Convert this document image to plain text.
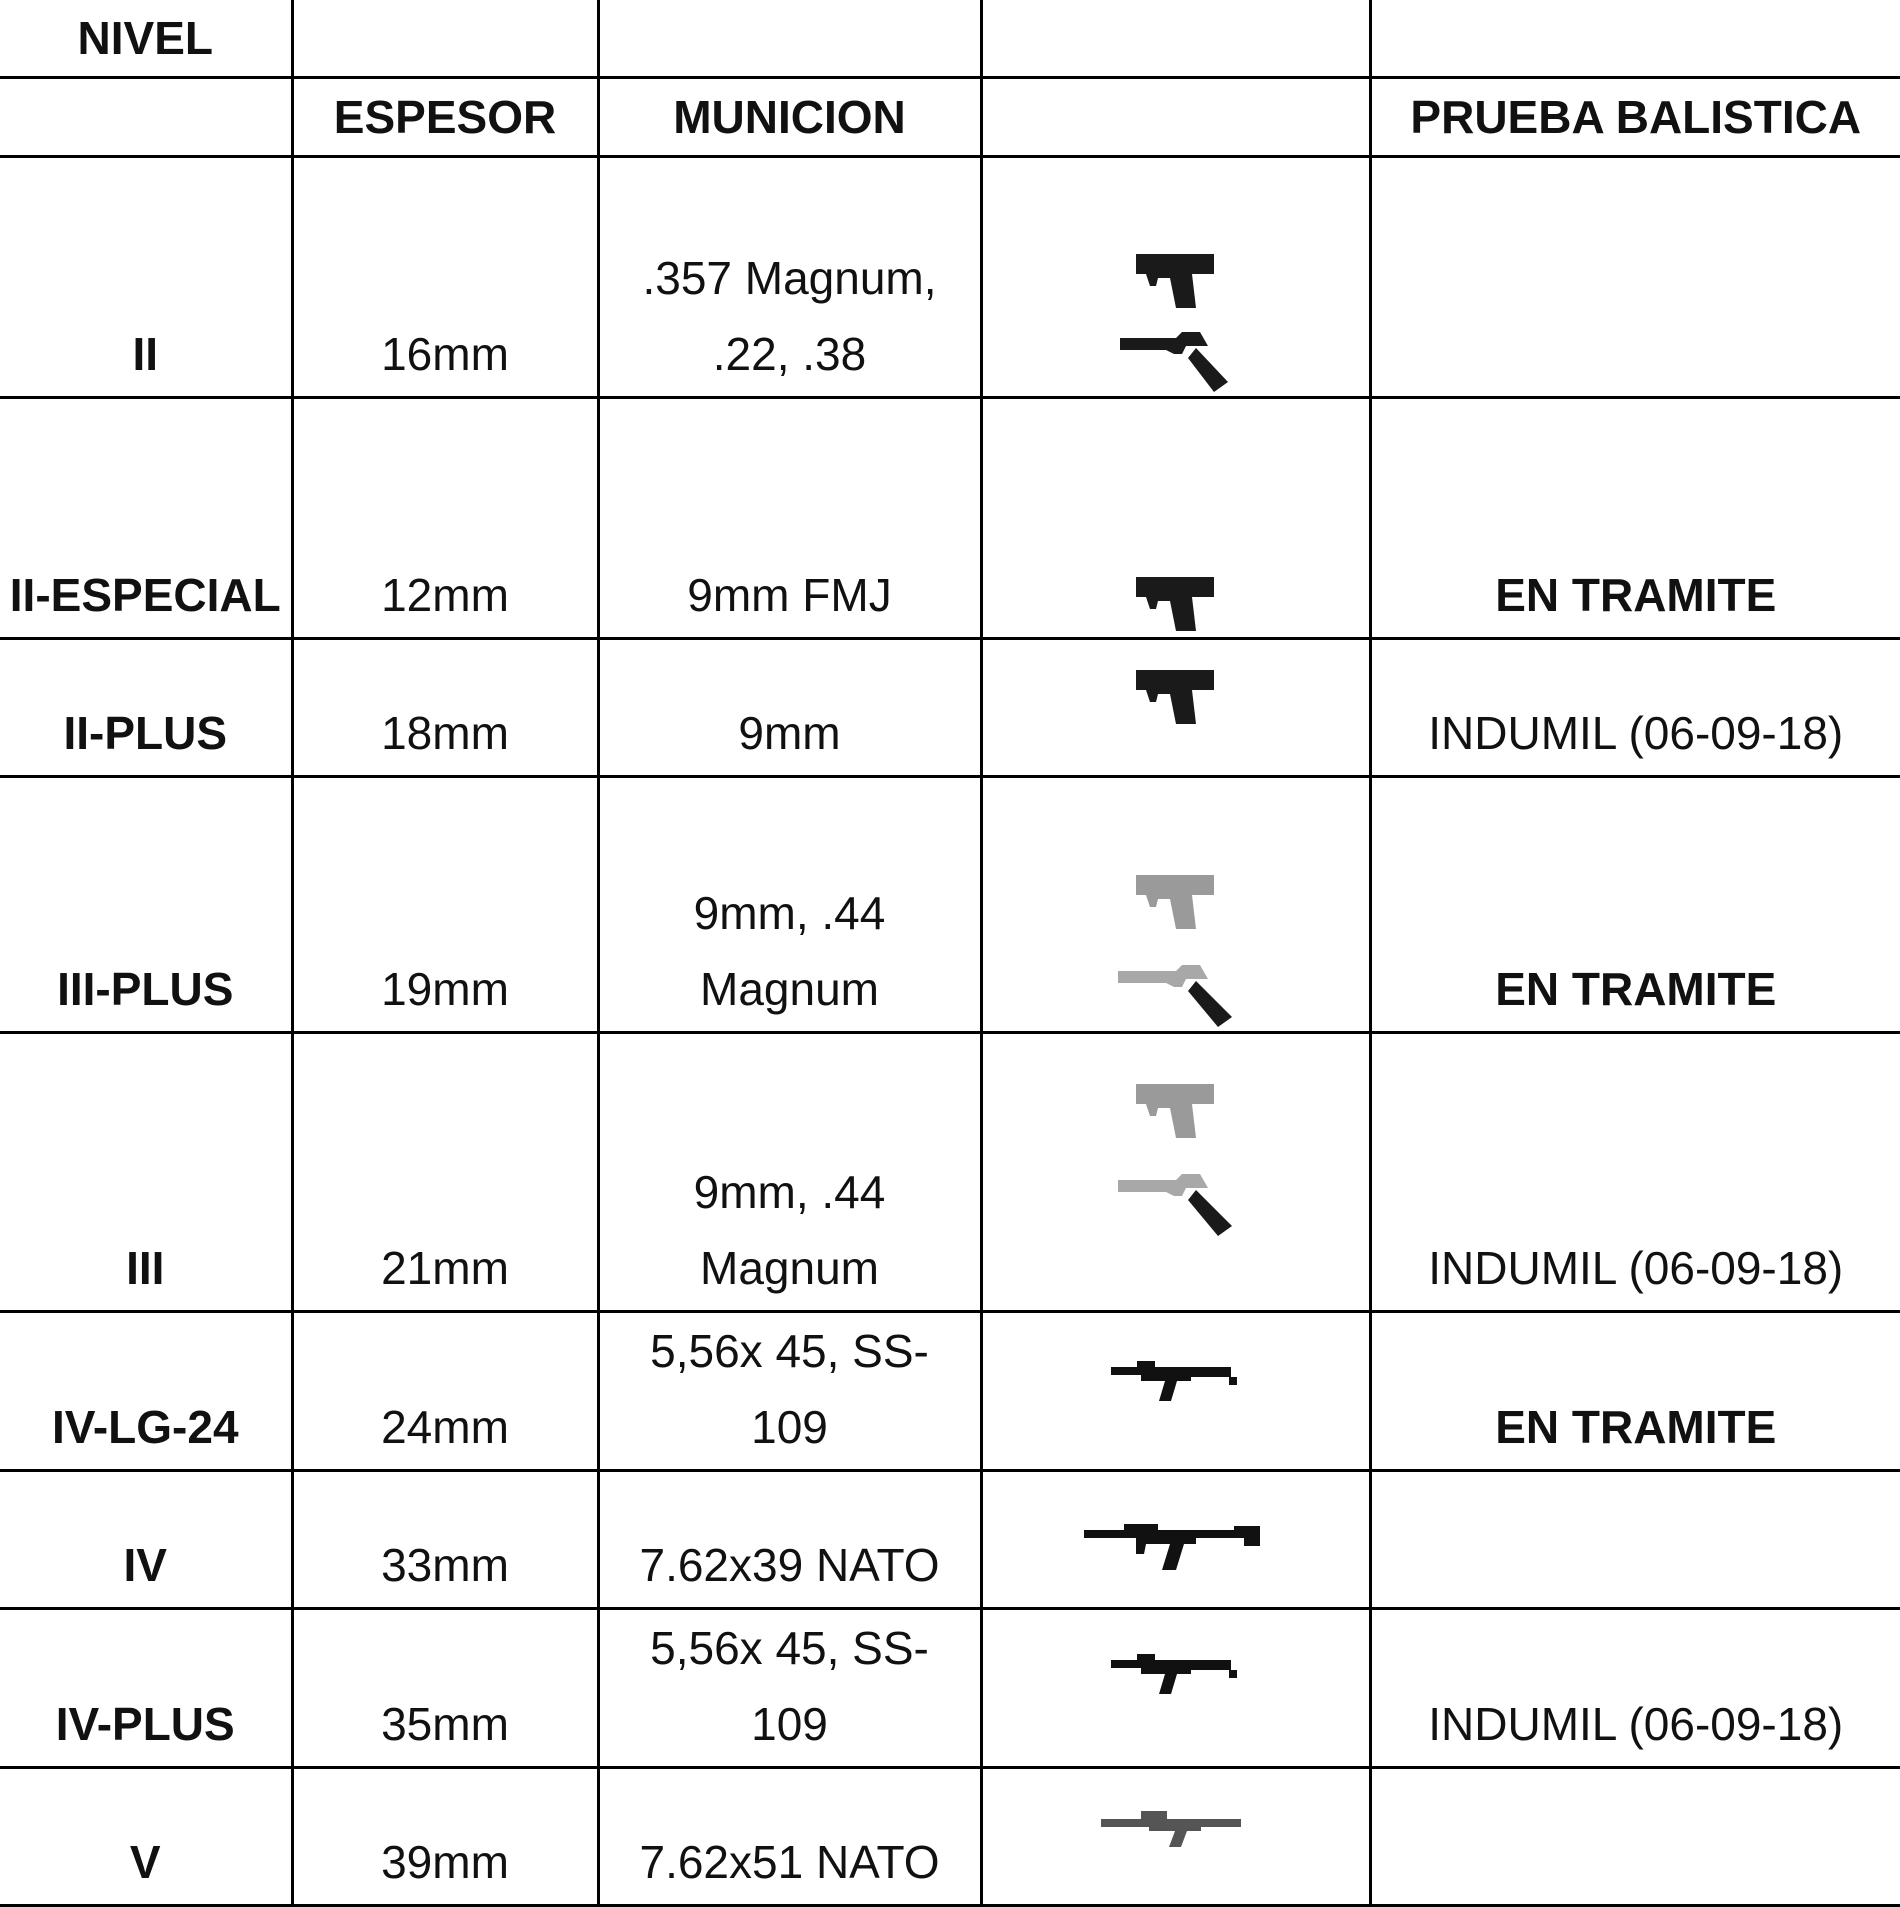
NIVEL				
	ESPESOR	MUNICION		PRUEBA BALISTICA

II	16mm	.357 Magnum,
.22, .38

II-ESPECIAL	12mm	9mm FMJ		EN TRAMITE

II-PLUS	18mm	9mm		INDUMIL (06-09-18)

III-PLUS	19mm	9mm, .44
Magnum		EN TRAMITE

III	21mm	9mm, .44
Magnum		INDUMIL (06-09-18)

IV-LG-24	24mm	5,56x 45, SS-
109		EN TRAMITE

IV	33mm	7.62x39 NATO

IV-PLUS	35mm	5,56x 45, SS-
109		INDUMIL (06-09-18)

V	39mm	7.62x51 NATO
